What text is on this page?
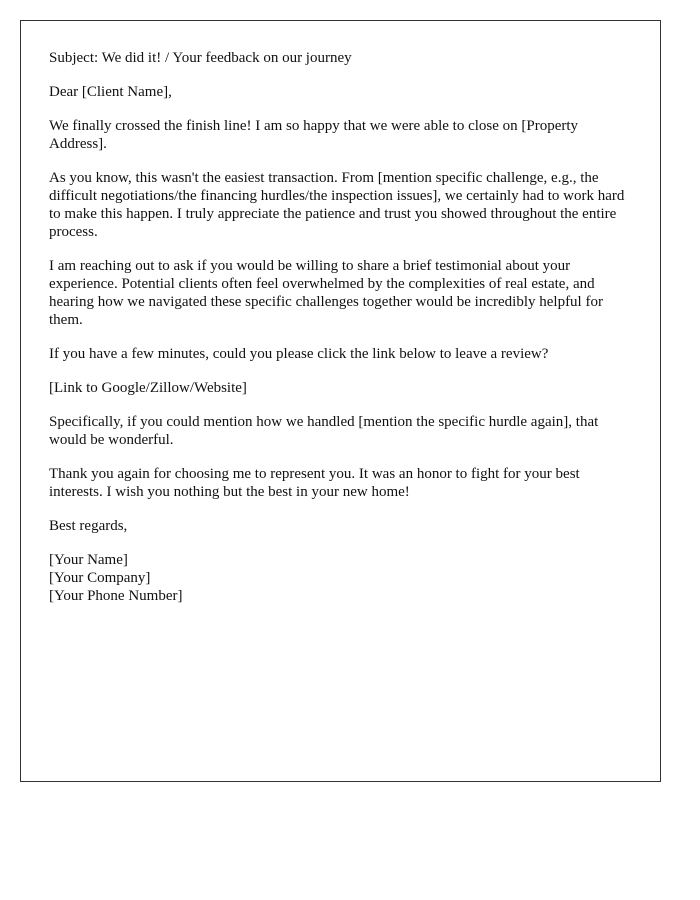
Subject: We did it! / Your feedback on our journey

Dear [Client Name],

We finally crossed the finish line! I am so happy that we were able to close on [Property Address].

As you know, this wasn't the easiest transaction. From [mention specific challenge, e.g., the difficult negotiations/the financing hurdles/the inspection issues], we certainly had to work hard to make this happen. I truly appreciate the patience and trust you showed throughout the entire process.

I am reaching out to ask if you would be willing to share a brief testimonial about your experience. Potential clients often feel overwhelmed by the complexities of real estate, and hearing how we navigated these specific challenges together would be incredibly helpful for them.

If you have a few minutes, could you please click the link below to leave a review?

[Link to Google/Zillow/Website]

Specifically, if you could mention how we handled [mention the specific hurdle again], that would be wonderful.

Thank you again for choosing me to represent you. It was an honor to fight for your best interests. I wish you nothing but the best in your new home!

Best regards,

[Your Name]
[Your Company]
[Your Phone Number]
